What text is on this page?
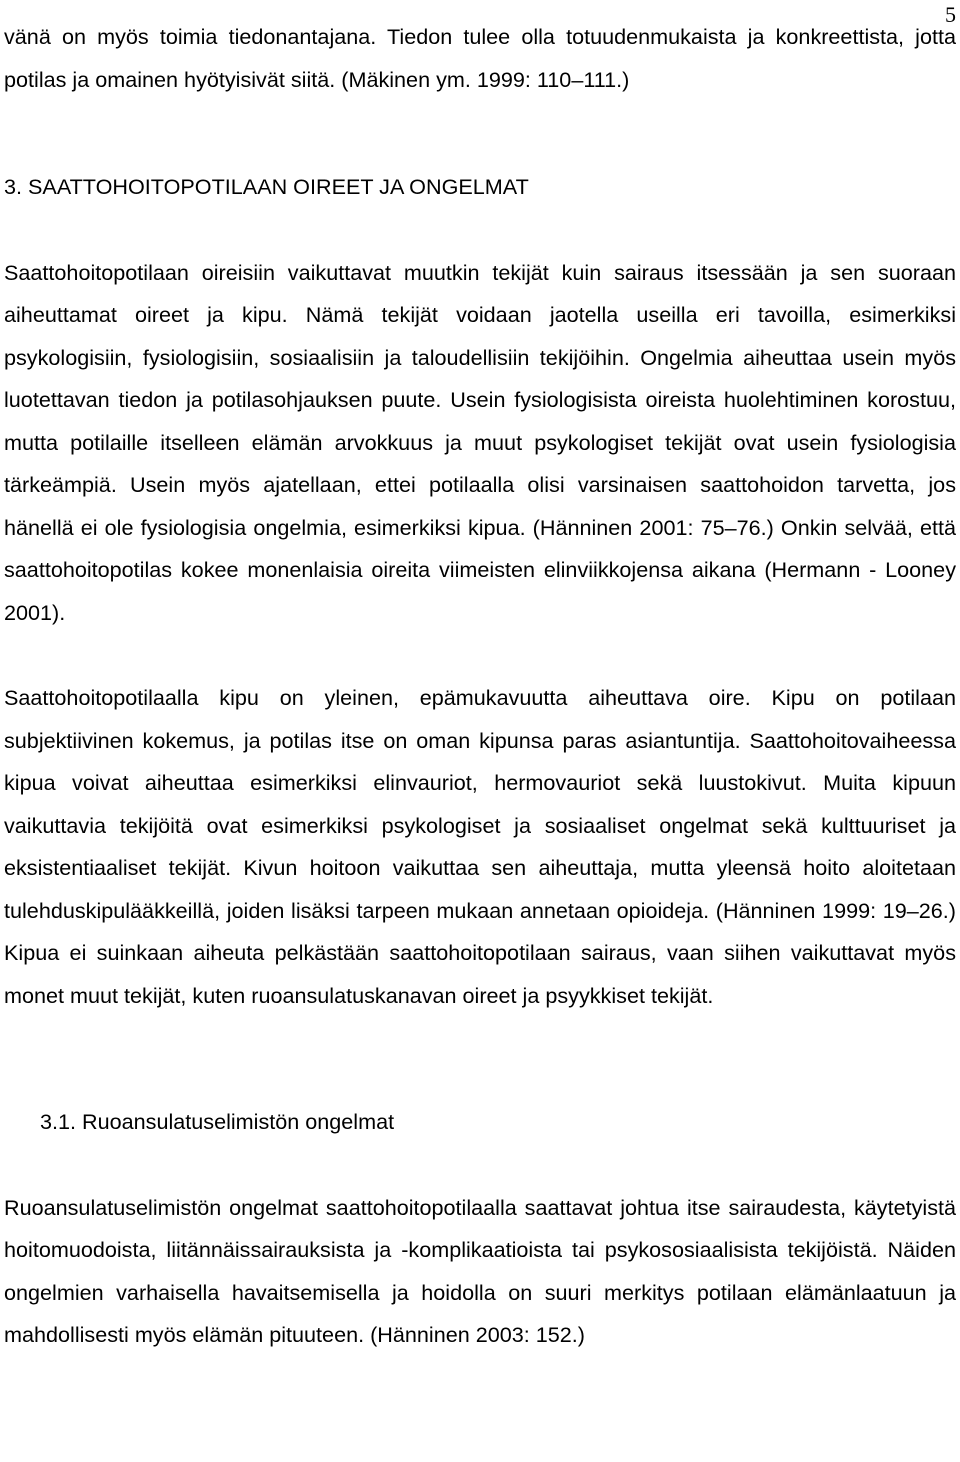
5

vänä on myös toimia tiedonantajana. Tiedon tulee olla totuudenmukaista ja konkreettista, jotta potilas ja omainen hyötyisivät siitä. (Mäkinen ym. 1999: 110–111.)

3. SAATTOHOITOPOTILAAN OIREET JA ONGELMAT

Saattohoitopotilaan oireisiin vaikuttavat muutkin tekijät kuin sairaus itsessään ja sen suoraan aiheuttamat oireet ja kipu. Nämä tekijät voidaan jaotella useilla eri tavoilla, esimerkiksi psykologisiin, fysiologisiin, sosiaalisiin ja taloudellisiin tekijöihin. Ongelmia aiheuttaa usein myös luotettavan tiedon ja potilasohjauksen puute. Usein fysiologisista oireista huolehtiminen korostuu, mutta potilaille itselleen elämän arvokkuus ja muut psykologiset tekijät ovat usein fysiologisia tärkeämpiä. Usein myös ajatellaan, ettei potilaalla olisi varsinaisen saattohoidon tarvetta, jos hänellä ei ole fysiologisia ongelmia, esimerkiksi kipua. (Hänninen 2001: 75–76.) Onkin selvää, että saattohoitopotilas kokee monenlaisia oireita viimeisten elinviikkojensa aikana (Hermann - Looney 2001).

Saattohoitopotilaalla kipu on yleinen, epämukavuutta aiheuttava oire. Kipu on potilaan subjektiivinen kokemus, ja potilas itse on oman kipunsa paras asiantuntija. Saattohoitovaiheessa kipua voivat aiheuttaa esimerkiksi elinvauriot, hermovauriot sekä luustokivut. Muita kipuun vaikuttavia tekijöitä ovat esimerkiksi psykologiset ja sosiaaliset ongelmat sekä kulttuuriset ja eksistentiaaliset tekijät. Kivun hoitoon vaikuttaa sen aiheuttaja, mutta yleensä hoito aloitetaan tulehduskipulääkkeillä, joiden lisäksi tarpeen mukaan annetaan opioideja. (Hänninen 1999: 19–26.) Kipua ei suinkaan aiheuta pelkästään saattohoitopotilaan sairaus, vaan siihen vaikuttavat myös monet muut tekijät, kuten ruoansulatuskanavan oireet ja psyykkiset tekijät.

3.1. Ruoansulatuselimistön ongelmat

Ruoansulatuselimistön ongelmat saattohoitopotilaalla saattavat johtua itse sairaudesta, käytetyistä hoitomuodoista, liitännäissairauksista ja -komplikaatioista tai psykososiaalisista tekijöistä. Näiden ongelmien varhaisella havaitsemisella ja hoidolla on suuri merkitys potilaan elämänlaatuun ja mahdollisesti myös elämän pituuteen. (Hänninen 2003: 152.)
